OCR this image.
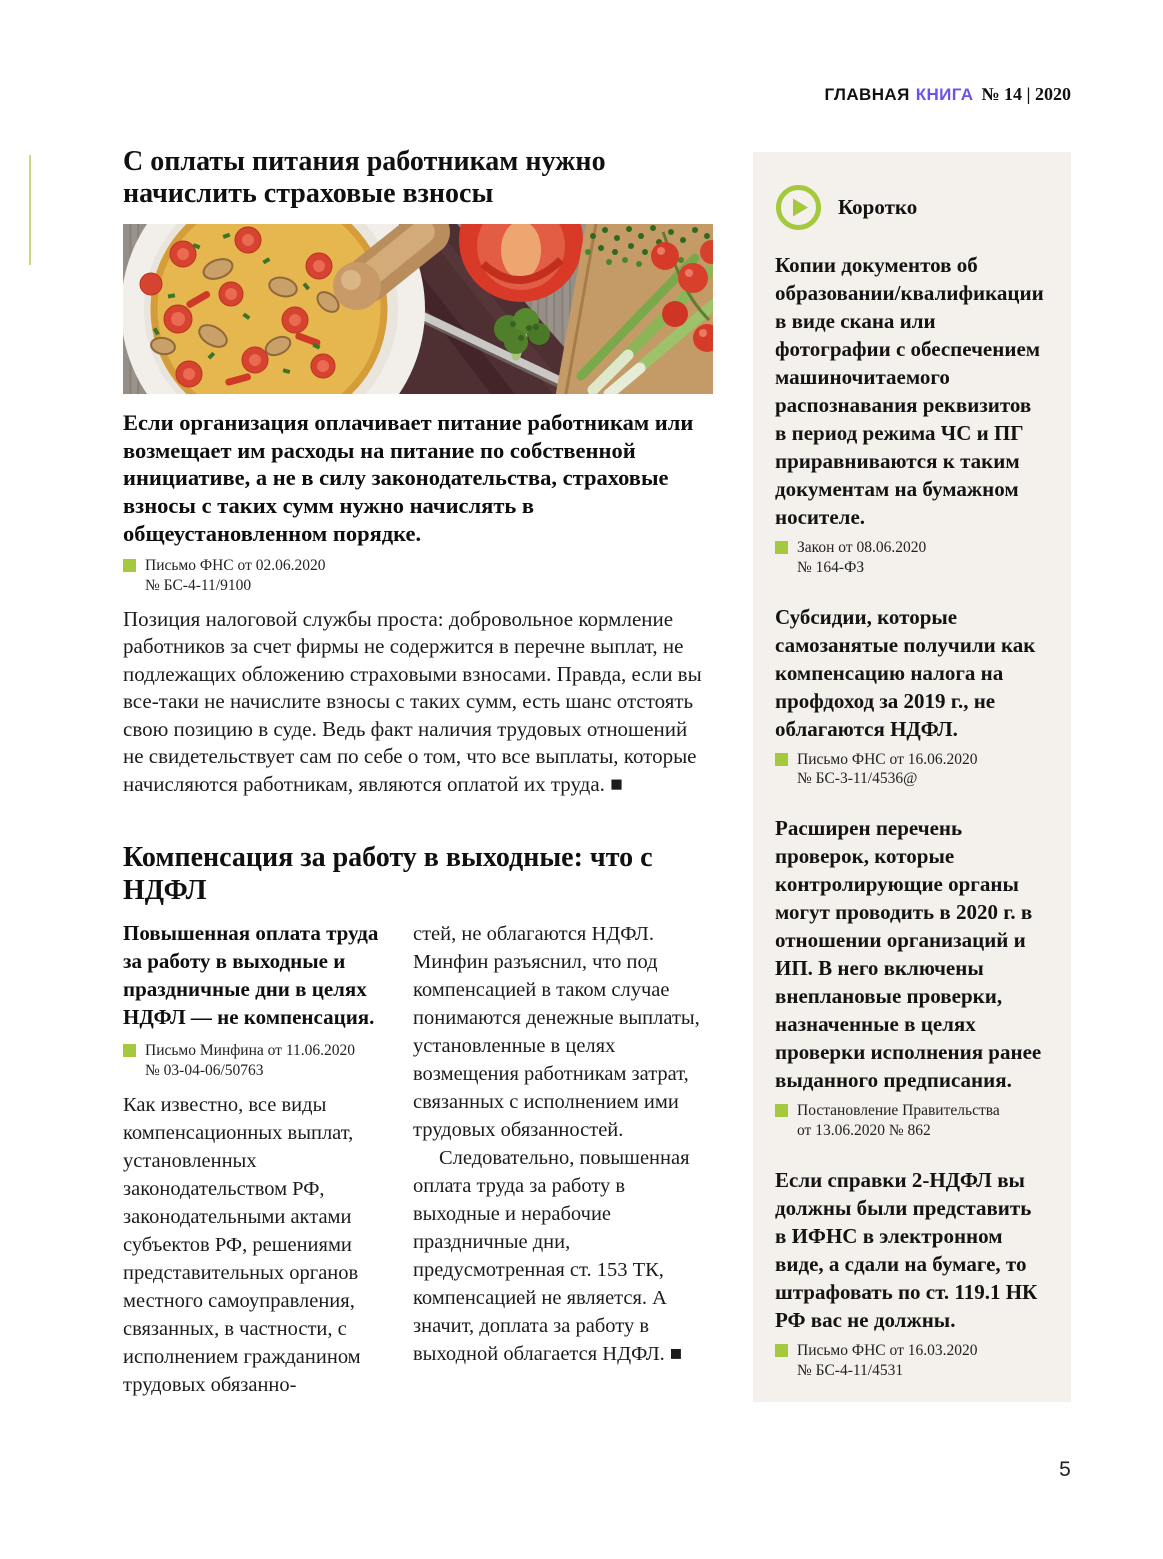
ГЛАВНАЯ КНИГА № 14 | 2020
С оплаты питания работникам нужно начислить страховые взносы

Если организация оплачивает питание работникам или возмещает им расходы на питание по собственной инициативе, а не в силу законодательства, страховые взносы с таких сумм нужно начислять в общеустановленном порядке.

Письмо ФНС от 02.06.2020
№ БС-4-11/9100

Позиция налоговой службы проста: добровольное кормление работников за счет фирмы не содержится в перечне выплат, не подлежащих обложению страховыми взносами. Правда, если вы все-таки не начислите взносы с таких сумм, есть шанс отстоять свою позицию в суде. Ведь факт наличия трудовых отношений не свидетельствует сам по себе о том, что все выплаты, которые начисляются работникам, являются оплатой их труда. ■

Компенсация за работу в выходные: что с НДФЛ

Повышенная оплата труда за работу в выходные и праздничные дни в целях НДФЛ — не компенсация.

Письмо Минфина от 11.06.2020
№ 03-04-06/50763

Как известно, все виды компенсационных выплат, установленных законодательством РФ, законодательными актами субъектов РФ, решениями представительных органов местного самоуправления, связанных, в частности, с исполнением гражданином трудовых обязанно-

стей, не облагаются НДФЛ. Минфин разъяснил, что под компенсацией в таком случае понимаются денежные выплаты, установленные в целях возмещения работникам затрат, связанных с исполнением ими трудовых обязанностей.

Следовательно, повышенная оплата труда за работу в выходные и нерабочие праздничные дни, предусмотренная ст. 153 ТК, компенсацией не является. А значит, доплата за работу в выходной облагается НДФЛ. ■

Коротко

Копии документов об образовании/квалификации в виде скана или фотографии с обеспечением машиночитаемого распознавания реквизитов в период режима ЧС и ПГ приравниваются к таким документам на бумажном носителе.

Закон от 08.06.2020
№ 164-ФЗ

Субсидии, которые самозанятые получили как компенсацию налога на профдоход за 2019 г., не облагаются НДФЛ.

Письмо ФНС от 16.06.2020
№ БС-3-11/4536@

Расширен перечень проверок, которые контролирующие органы могут проводить в 2020 г. в отношении организаций и ИП. В него включены внеплановые проверки, назначенные в целях проверки исполнения ранее выданного предписания.

Постановление Правительства
от 13.06.2020 № 862

Если справки 2-НДФЛ вы должны были представить в ИФНС в электронном виде, а сдали на бумаге, то штрафовать по ст. 119.1 НК РФ вас не должны.

Письмо ФНС от 16.03.2020
№ БС-4-11/4531
5
